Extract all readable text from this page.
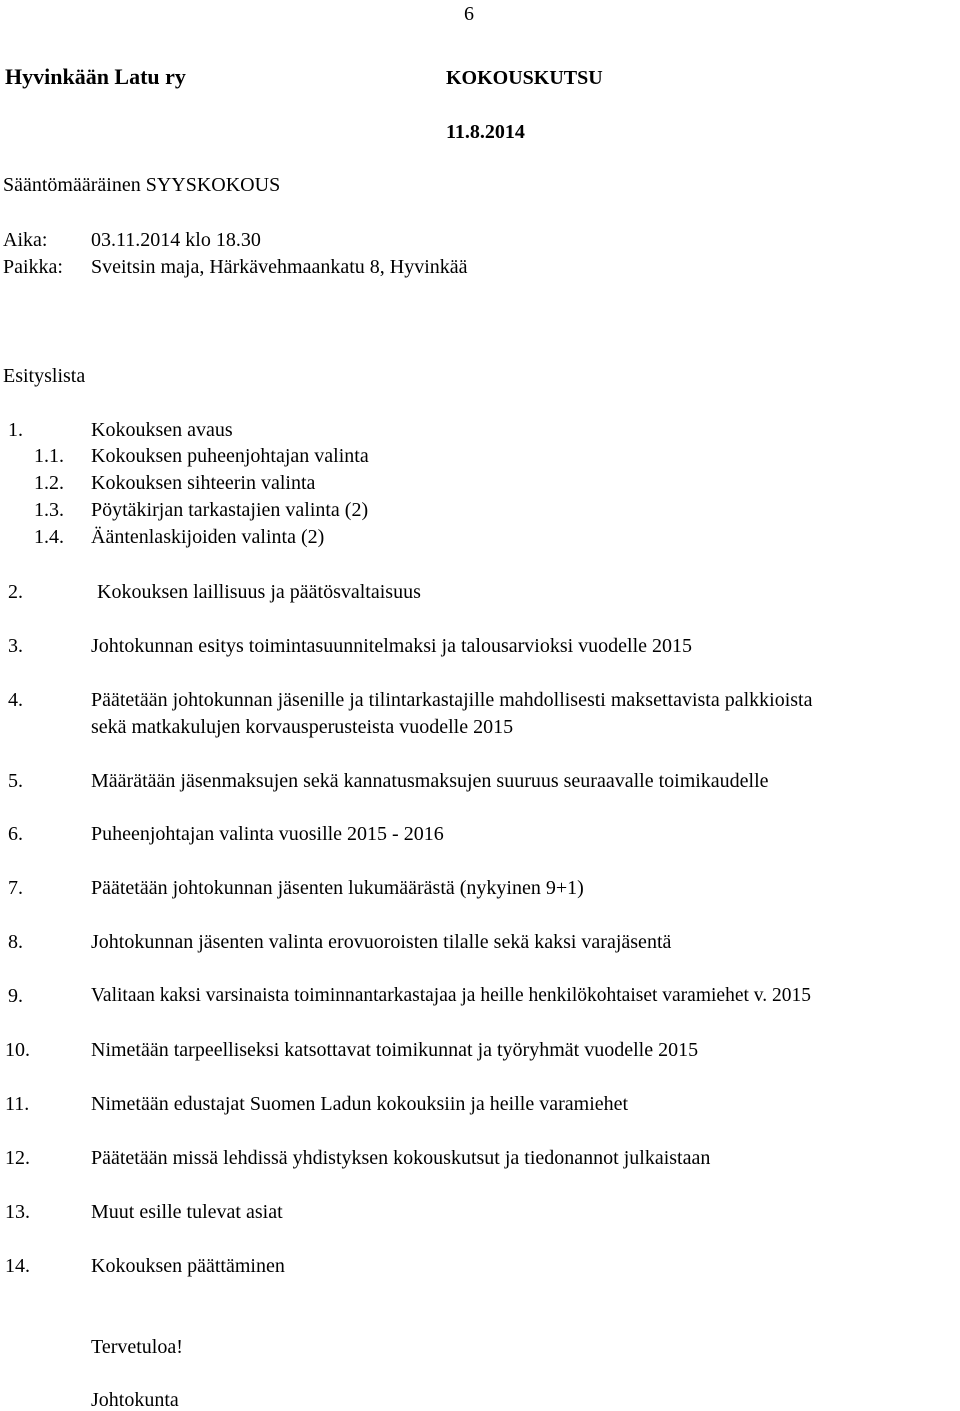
6
Hyvinkään Latu ry	KOKOUSKUTSU
11.8.2014
Sääntömääräinen SYYSKOKOUS
Aika: 03.11.2014 klo 18.30
Paikka: Sveitsin maja, Härkävehmaankatu 8, Hyvinkää
Esityslista
1.	Kokouksen avaus
1.1. Kokouksen puheenjohtajan valinta
1.2. Kokouksen sihteerin valinta
1.3. Pöytäkirjan tarkastajien valinta (2)
1.4. Ääntenlaskijoiden valinta (2)
2.	Kokouksen laillisuus ja päätösvaltaisuus
3.	Johtokunnan esitys toimintasuunnitelmaksi ja talousarvioksi vuodelle 2015
4.	Päätetään johtokunnan jäsenille ja tilintarkastajille mahdollisesti maksettavista palkkioista
sekä matkakulujen korvausperusteista vuodelle 2015
5.	Määrätään jäsenmaksujen sekä kannatusmaksujen suuruus seuraavalle toimikaudelle
6.	Puheenjohtajan valinta vuosille 2015 - 2016
7.	Päätetään johtokunnan jäsenten lukumäärästä (nykyinen 9+1)
8.	Johtokunnan jäsenten valinta erovuoroisten tilalle sekä kaksi varajäsentä
9.	Valitaan kaksi varsinaista toiminnantarkastajaa ja heille henkilökohtaiset varamiehet v. 2015
10.	Nimetään tarpeelliseksi katsottavat toimikunnat ja työryhmät vuodelle 2015
11.	Nimetään edustajat Suomen Ladun kokouksiin ja heille varamiehet
12.	Päätetään missä lehdissä yhdistyksen kokouskutsut ja tiedonannot julkaistaan
13.	Muut esille tulevat asiat
14.	Kokouksen päättäminen
Tervetuloa!
Johtokunta
